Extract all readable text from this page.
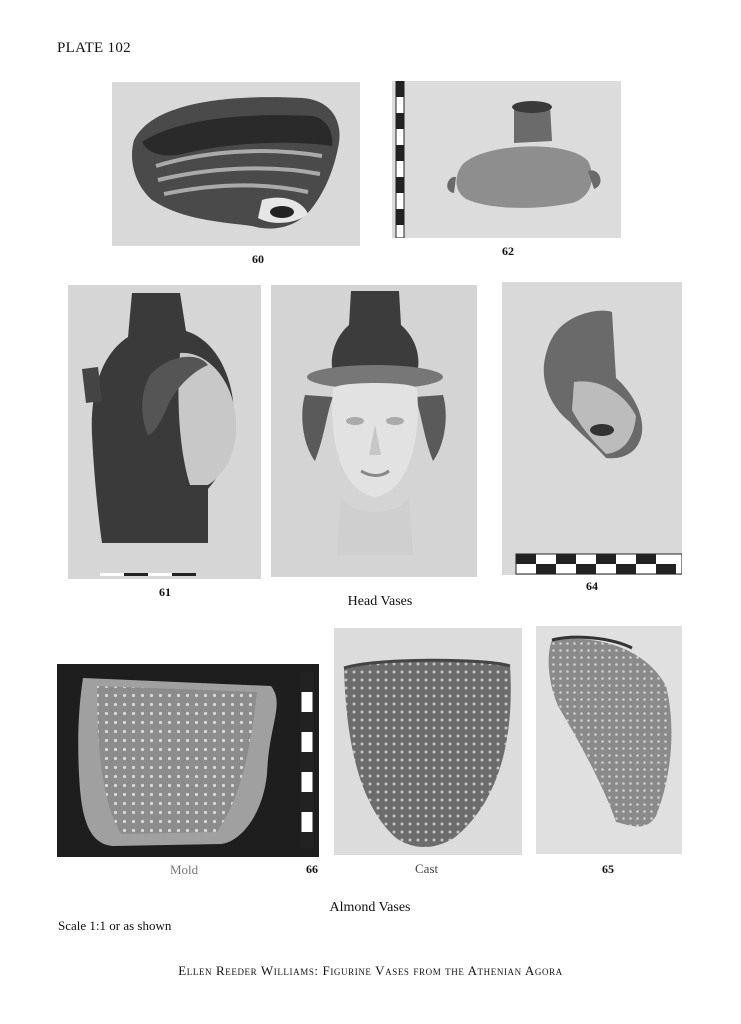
PLATE 102
60
62
61	64
Head Vases
Mold	66	Cast	65
Almond Vases
Scale 1:1 or as shown
Ellen Reeder Williams: Figurine Vases from the Athenian Agora
